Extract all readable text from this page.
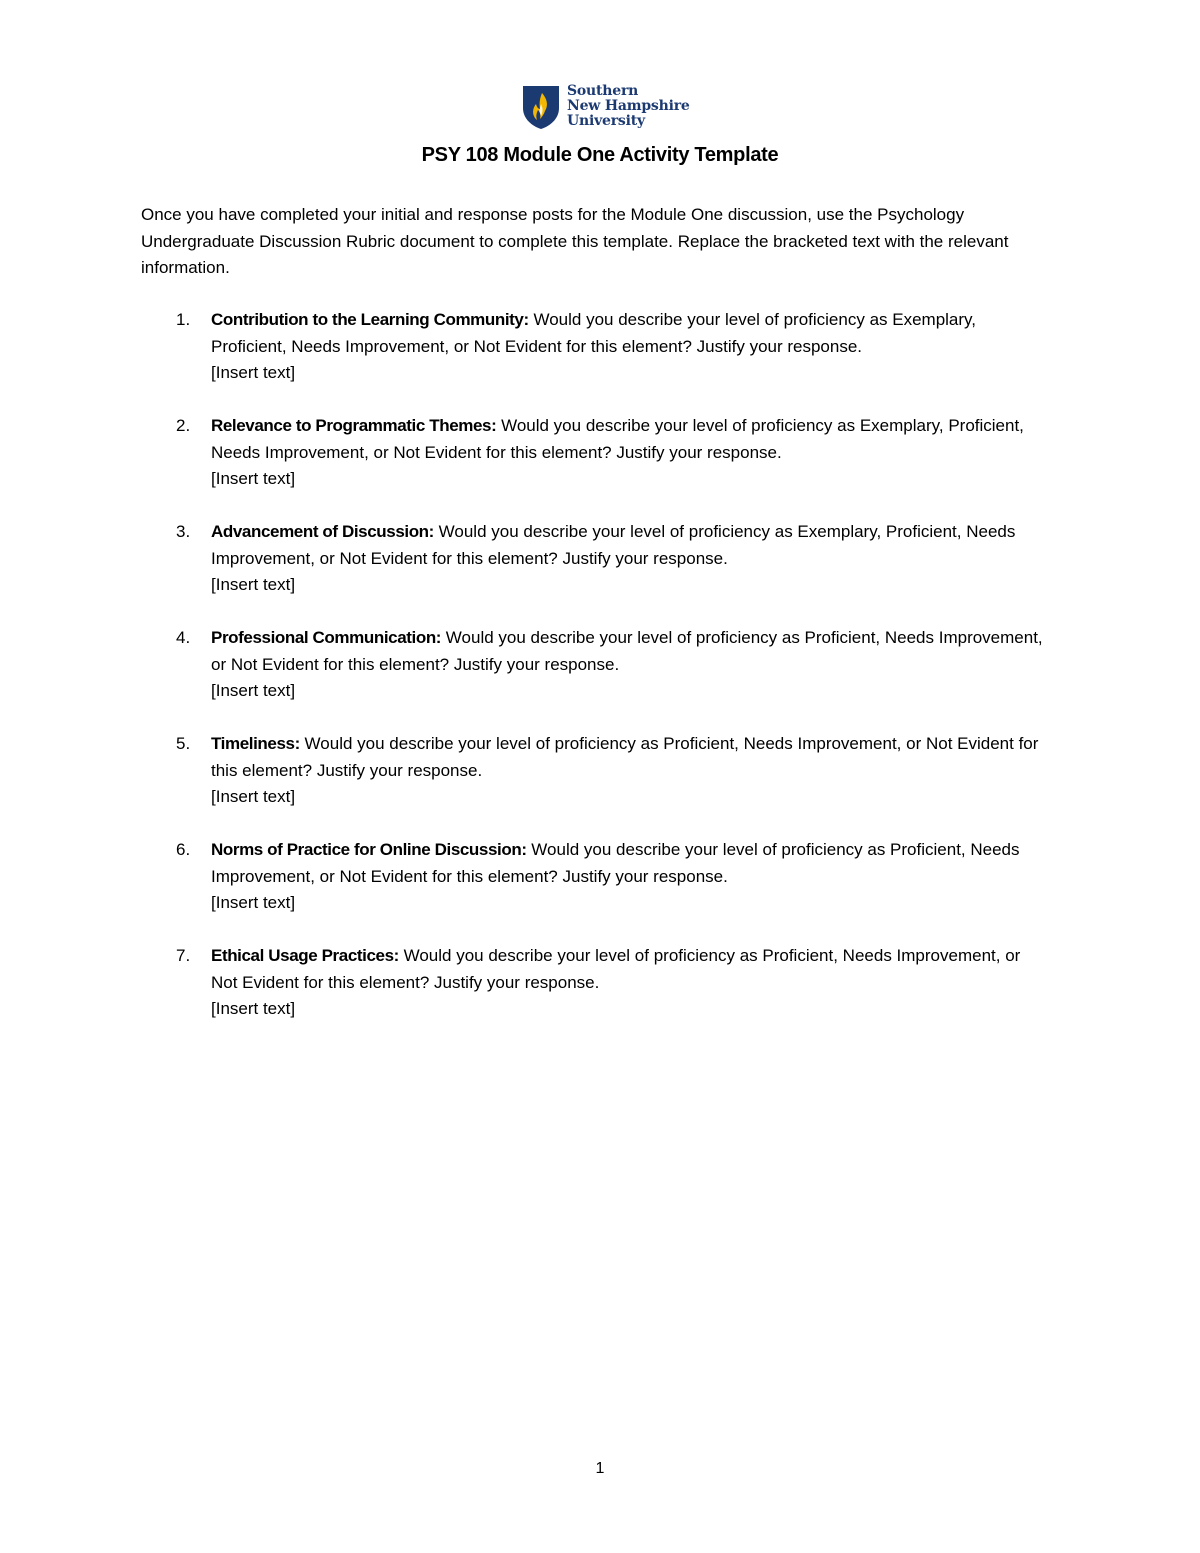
Southern
New Hampshire
University
PSY 108 Module One Activity Template

Once you have completed your initial and response posts for the Module One discussion, use the Psychology Undergraduate Discussion Rubric document to complete this template. Replace the bracketed text with the relevant information.

1. Contribution to the Learning Community: Would you describe your level of proficiency as Exemplary, Proficient, Needs Improvement, or Not Evident for this element? Justify your response.
[Insert text]
2. Relevance to Programmatic Themes: Would you describe your level of proficiency as Exemplary, Proficient, Needs Improvement, or Not Evident for this element? Justify your response.
[Insert text]
3. Advancement of Discussion: Would you describe your level of proficiency as Exemplary, Proficient, Needs Improvement, or Not Evident for this element? Justify your response.
[Insert text]
4. Professional Communication: Would you describe your level of proficiency as Proficient, Needs Improvement, or Not Evident for this element? Justify your response.
[Insert text]
5. Timeliness: Would you describe your level of proficiency as Proficient, Needs Improvement, or Not Evident for this element? Justify your response.
[Insert text]
6. Norms of Practice for Online Discussion: Would you describe your level of proficiency as Proficient, Needs Improvement, or Not Evident for this element? Justify your response.
[Insert text]
7. Ethical Usage Practices: Would you describe your level of proficiency as Proficient, Needs Improvement, or Not Evident for this element? Justify your response.
[Insert text]
1
